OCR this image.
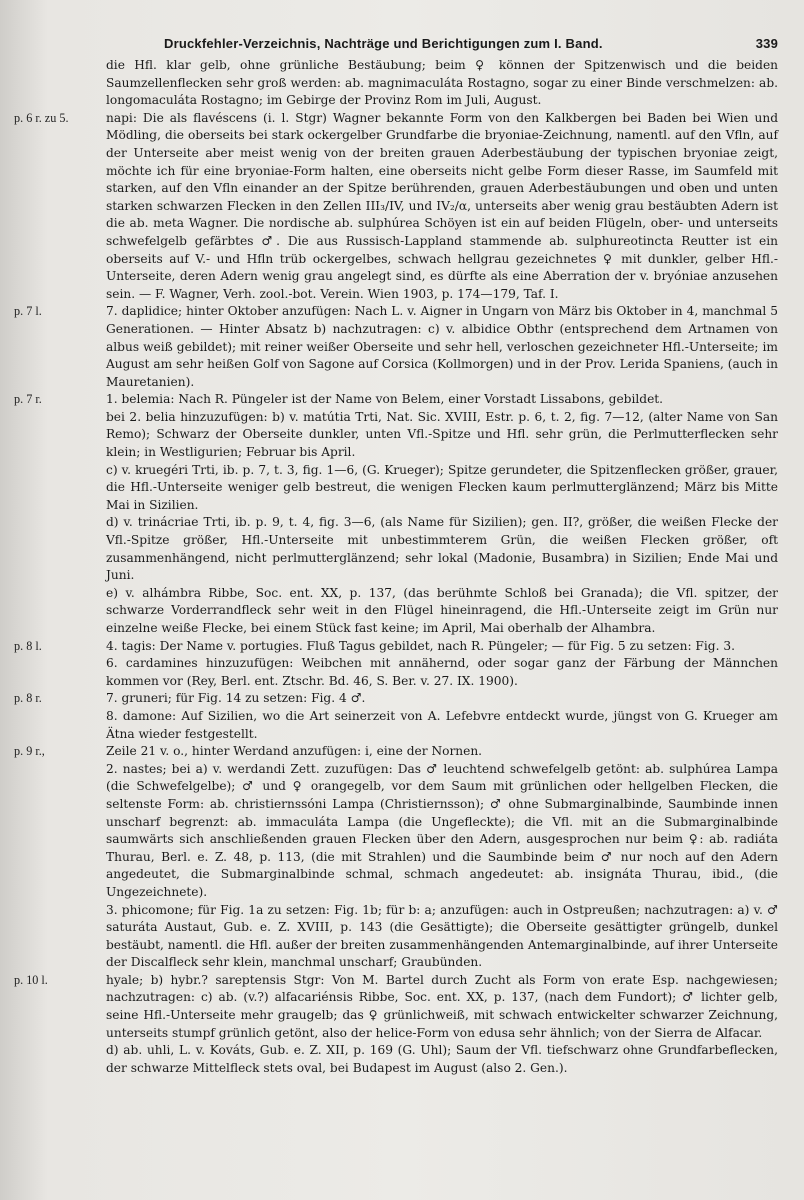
Druckfehler-Verzeichnis, Nachträge und Berichtigungen zum I. Band.	339
die Hfl. klar gelb, ohne grünliche Bestäubung; beim ♀ können der Spitzenwisch und die beiden Saumzellenflecken sehr groß werden: ab. magnimaculáta Rostagno, sogar zu einer Binde verschmelzen: ab. longomaculáta Rostagno; im Gebirge der Provinz Rom im Juli, August.
p. 6 r. zu 5.	napi: Die als flavéscens (i. l. Stgr) Wagner bekannte Form von den Kalkbergen bei Baden bei Wien und Mödling, die oberseits bei stark ockergelber Grundfarbe die bryoniae-Zeichnung, namentl. auf den Vfln, auf der Unterseite aber meist wenig von der breiten grauen Aderbestäubung der typischen bryoniae zeigt, möchte ich für eine bryoniae-Form halten, eine oberseits nicht gelbe Form dieser Rasse, im Saumfeld mit starken, auf den Vfln einander an der Spitze berührenden, grauen Aderbestäubungen und oben und unten starken schwarzen Flecken in den Zellen III₃/IV, und IV₂/α, unterseits aber wenig grau bestäubten Adern ist die ab. meta Wagner. Die nordische ab. sulphúrea Schöyen ist ein auf beiden Flügeln, ober- und unterseits schwefelgelb gefärbtes ♂. Die aus Russisch-Lappland stammende ab. sulphureotincta Reutter ist ein oberseits auf V.- und Hfln trüb ockergelbes, schwach hellgrau gezeichnetes ♀ mit dunkler, gelber Hfl.-Unterseite, deren Adern wenig grau angelegt sind, es dürfte als eine Aberration der v. bryóniae anzusehen sein. — F. Wagner, Verh. zool.-bot. Verein. Wien 1903, p. 174—179, Taf. I.
p. 7 l.	7. daplidice; hinter Oktober anzufügen: Nach L. v. Aigner in Ungarn von März bis Oktober in 4, manchmal 5 Generationen. — Hinter Absatz b) nachzutragen: c) v. albidice Obthr (entsprechend dem Artnamen von albus weiß gebildet); mit reiner weißer Oberseite und sehr hell, verloschen gezeichneter Hfl.-Unterseite; im August am sehr heißen Golf von Sagone auf Corsica (Kollmorgen) und in der Prov. Lerida Spaniens, (auch in Mauretanien).
p. 7 r.	1. belemia: Nach R. Püngeler ist der Name von Belem, einer Vorstadt Lissabons, gebildet.
bei 2. belia hinzuzufügen: b) v. matútia Trti, Nat. Sic. XVIII, Estr. p. 6, t. 2, fig. 7—12, (alter Name von San Remo); Schwarz der Oberseite dunkler, unten Vfl.-Spitze und Hfl. sehr grün, die Perlmutterflecken sehr klein; in Westligurien; Februar bis April.
c) v. kruegéri Trti, ib. p. 7, t. 3, fig. 1—6, (G. Krueger); Spitze gerundeter, die Spitzenflecken größer, grauer, die Hfl.-Unterseite weniger gelb bestreut, die wenigen Flecken kaum perlmutterglänzend; März bis Mitte Mai in Sizilien.
d) v. trinácriae Trti, ib. p. 9, t. 4, fig. 3—6, (als Name für Sizilien); gen. II?, größer, die weißen Flecke der Vfl.-Spitze größer, Hfl.-Unterseite mit unbestimmterem Grün, die weißen Flecken größer, oft zusammenhängend, nicht perlmutterglänzend; sehr lokal (Madonie, Busambra) in Sizilien; Ende Mai und Juni.
e) v. alhámbra Ribbe, Soc. ent. XX, p. 137, (das berühmte Schloß bei Granada); die Vfl. spitzer, der schwarze Vorderrandfleck sehr weit in den Flügel hineinragend, die Hfl.-Unterseite zeigt im Grün nur einzelne weiße Flecke, bei einem Stück fast keine; im April, Mai oberhalb der Alhambra.
p. 8 l.	4. tagis: Der Name v. portugies. Fluß Tagus gebildet, nach R. Püngeler; — für Fig. 5 zu setzen: Fig. 3.
6. cardamines hinzuzufügen: Weibchen mit annähernd, oder sogar ganz der Färbung der Männchen kommen vor (Rey, Berl. ent. Ztschr. Bd. 46, S. Ber. v. 27. IX. 1900).
p. 8 r.	7. gruneri; für Fig. 14 zu setzen: Fig. 4 ♂.
8. damone: Auf Sizilien, wo die Art seinerzeit von A. Lefebvre entdeckt wurde, jüngst von G. Krueger am Ätna wieder festgestellt.
p. 9 r.,	Zeile 21 v. o., hinter Werdand anzufügen: i, eine der Nornen.
2. nastes; bei a) v. werdandi Zett. zuzufügen: Das ♂ leuchtend schwefelgelb getönt: ab. sulphúrea Lampa (die Schwefelgelbe); ♂ und ♀ orangegelb, vor dem Saum mit grünlichen oder hellgelben Flecken, die seltenste Form: ab. christiernssóni Lampa (Christiernsson); ♂ ohne Submarginalbinde, Saumbinde innen unscharf begrenzt: ab. immaculáta Lampa (die Ungefleckte); die Vfl. mit an die Submarginalbinde saumwärts sich anschließenden grauen Flecken über den Adern, ausgesprochen nur beim ♀: ab. radiáta Thurau, Berl. e. Z. 48, p. 113, (die mit Strahlen) und die Saumbinde beim ♂ nur noch auf den Adern angedeutet, die Submarginalbinde schmal, schmach angedeutet: ab. insignáta Thurau, ibid., (die Ungezeichnete).
3. phicomone; für Fig. 1a zu setzen: Fig. 1b; für b: a; anzufügen: auch in Ostpreußen; nachzutragen: a) v. ♂ saturáta Austaut, Gub. e. Z. XVIII, p. 143 (die Gesättigte); die Oberseite gesättigter grüngelb, dunkel bestäubt, namentl. die Hfl. außer der breiten zusammenhängenden Antemarginalbinde, auf ihrer Unterseite der Discalfleck sehr klein, manchmal unscharf; Graubünden.
p. 10 l.	hyale; b) hybr.? sareptensis Stgr: Von M. Bartel durch Zucht als Form von erate Esp. nachgewiesen; nachzutragen: c) ab. (v.?) alfacariénsis Ribbe, Soc. ent. XX, p. 137, (nach dem Fundort); ♂ lichter gelb, seine Hfl.-Unterseite mehr graugelb; das ♀ grünlichweiß, mit schwach entwickelter schwarzer Zeichnung, unterseits stumpf grünlich getönt, also der helice-Form von edusa sehr ähnlich; von der Sierra de Alfacar.
d) ab. uhli, L. v. Kováts, Gub. e. Z. XII, p. 169 (G. Uhl); Saum der Vfl. tiefschwarz ohne Grundfarbeflecken, der schwarze Mittelfleck stets oval, bei Budapest im August (also 2. Gen.).
